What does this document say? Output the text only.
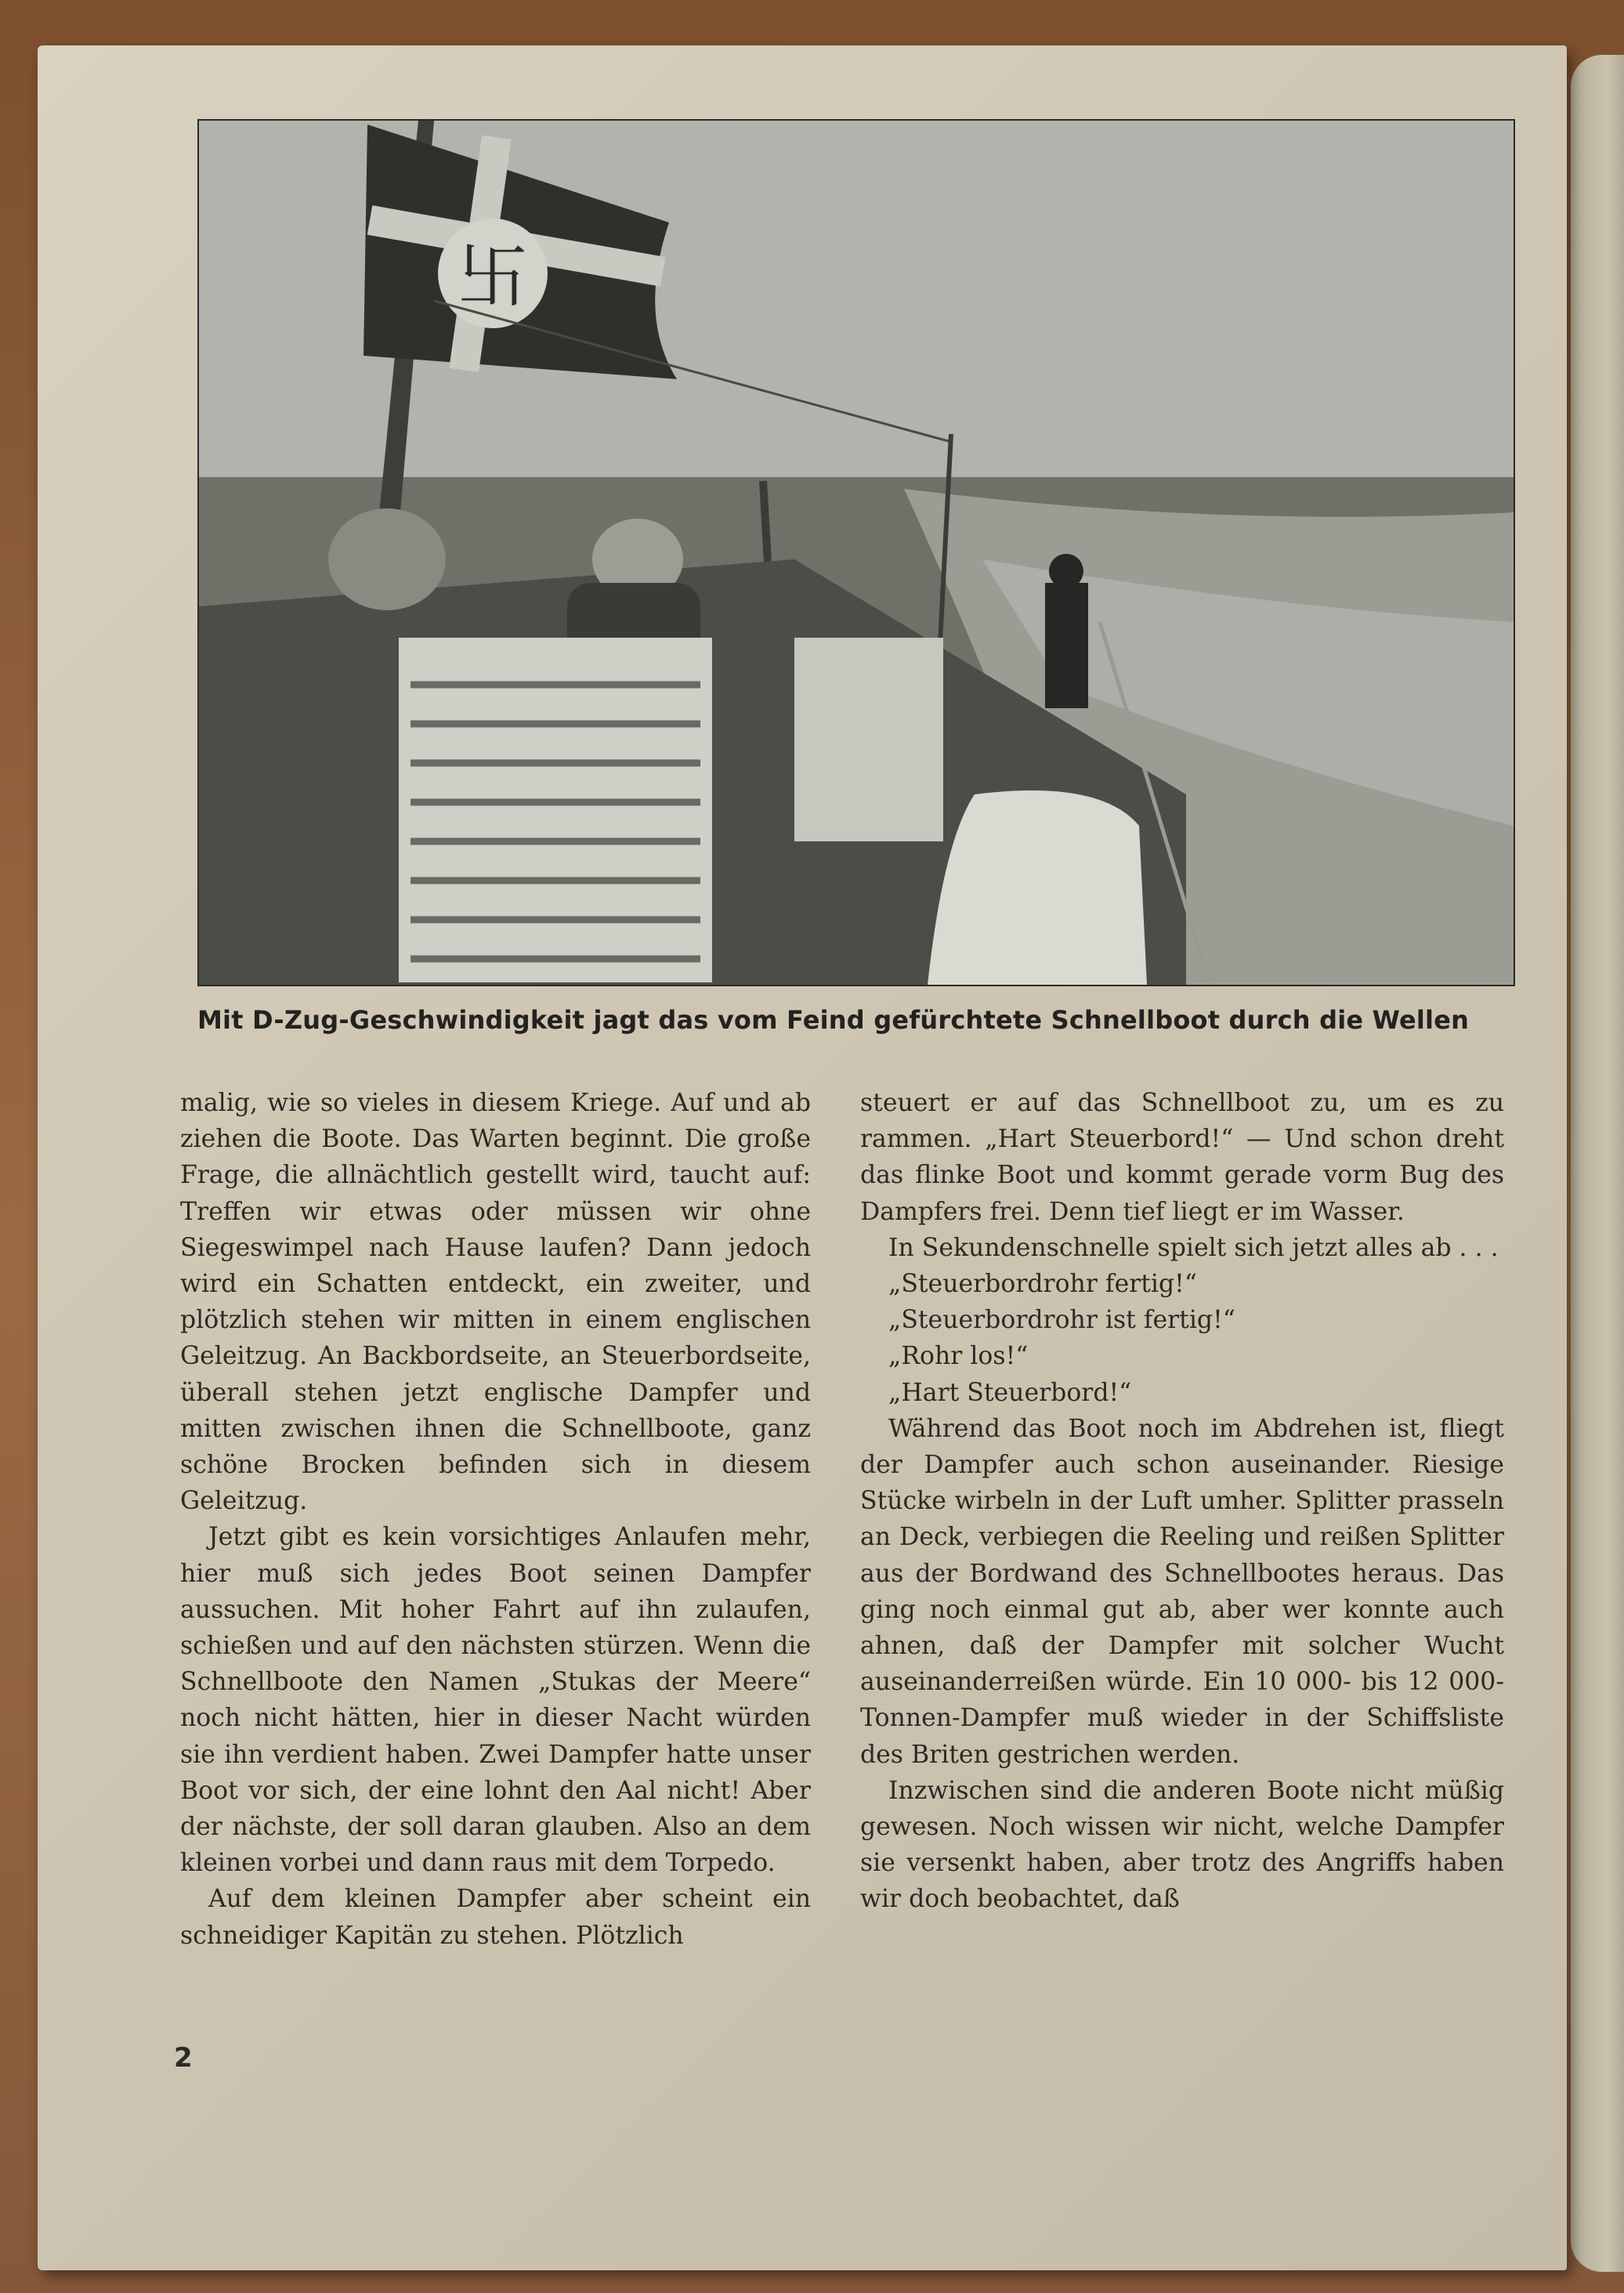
卐
Mit D-Zug-Geschwindigkeit jagt das vom Feind gefürchtete Schnellboot durch die Wellen

malig, wie so vieles in diesem Kriege. Auf und ab ziehen die Boote. Das Warten beginnt. Die große Frage, die allnächtlich gestellt wird, taucht auf: Treffen wir etwas oder müssen wir ohne Siegeswimpel nach Hause laufen? Dann jedoch wird ein Schatten entdeckt, ein zweiter, und plötzlich stehen wir mitten in einem englischen Geleitzug. An Backbordseite, an Steuerbordseite, überall stehen jetzt englische Dampfer und mitten zwischen ihnen die Schnellboote, ganz schöne Brocken befinden sich in diesem Geleitzug.

Jetzt gibt es kein vorsichtiges Anlaufen mehr, hier muß sich jedes Boot seinen Dampfer aussuchen. Mit hoher Fahrt auf ihn zulaufen, schießen und auf den nächsten stürzen. Wenn die Schnellboote den Namen „Stukas der Meere“ noch nicht hätten, hier in dieser Nacht würden sie ihn verdient haben. Zwei Dampfer hatte unser Boot vor sich, der eine lohnt den Aal nicht! Aber der nächste, der soll daran glauben. Also an dem kleinen vorbei und dann raus mit dem Torpedo.

Auf dem kleinen Dampfer aber scheint ein schneidiger Kapitän zu stehen. Plötzlich

steuert er auf das Schnellboot zu, um es zu rammen. „Hart Steuerbord!“ — Und schon dreht das flinke Boot und kommt gerade vorm Bug des Dampfers frei. Denn tief liegt er im Wasser.

In Sekundenschnelle spielt sich jetzt alles ab . . .

„Steuerbordrohr fertig!“

„Steuerbordrohr ist fertig!“

„Rohr los!“

„Hart Steuerbord!“

Während das Boot noch im Abdrehen ist, fliegt der Dampfer auch schon auseinander. Riesige Stücke wirbeln in der Luft umher. Splitter prasseln an Deck, verbiegen die Reeling und reißen Splitter aus der Bordwand des Schnellbootes heraus. Das ging noch einmal gut ab, aber wer konnte auch ahnen, daß der Dampfer mit solcher Wucht auseinanderreißen würde. Ein 10 000- bis 12 000-Tonnen-Dampfer muß wieder in der Schiffsliste des Briten gestrichen werden.

Inzwischen sind die anderen Boote nicht müßig gewesen. Noch wissen wir nicht, welche Dampfer sie versenkt haben, aber trotz des Angriffs haben wir doch beobachtet, daß

2
